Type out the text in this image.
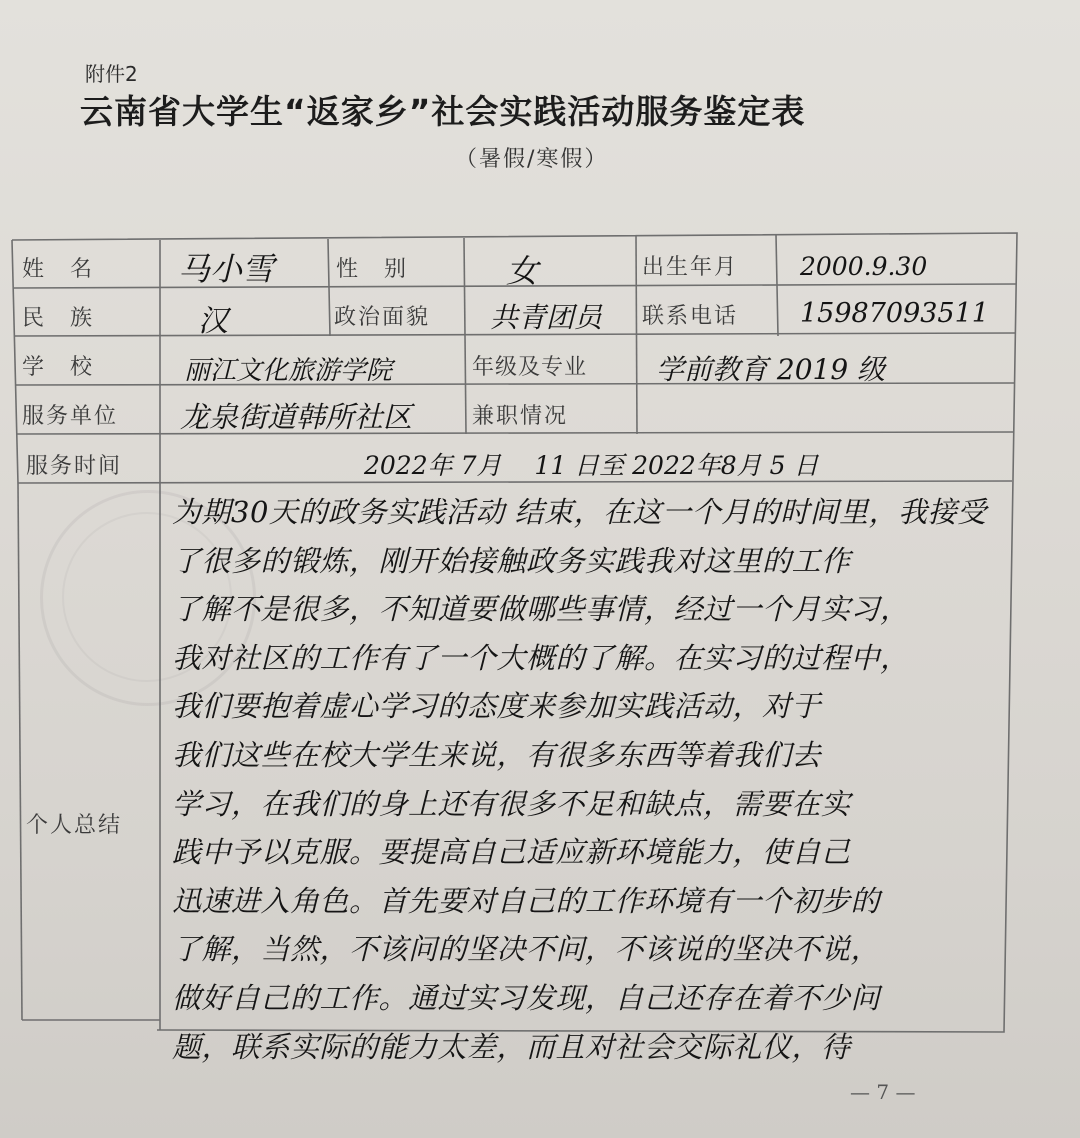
附件2
云南省大学生“返家乡”社会实践活动服务鉴定表
（暑假/寒假）
姓　名	马小雪	性　别	女	出生年月 2000.9.30
民　族	汉	政治面貌 共青团员 联系电话 15987093511
学　校	丽江文化旅游学院	年级及专业 学前教育 2019 级
服务单位 龙泉街道韩所社区	兼职情况
服务时间	2022年 7月　 11 日至 2022年8月 5 日
个人总结
为期30天的政务实践活动 结束，在这一个月的时间里，我接受
了很多的锻炼，刚开始接触政务实践我对这里的工作
了解不是很多，不知道要做哪些事情，经过一个月实习，
我对社区的工作有了一个大概的了解。在实习的过程中，
我们要抱着虚心学习的态度来参加实践活动，对于
我们这些在校大学生来说，有很多东西等着我们去
学习，在我们的身上还有很多不足和缺点，需要在实
践中予以克服。要提高自己适应新环境能力，使自己
迅速进入角色。首先要对自己的工作环境有一个初步的
了解，当然，不该问的坚决不问，不该说的坚决不说，
做好自己的工作。通过实习发现，自己还存在着不少问
题，联系实际的能力太差，而且对社会交际礼仪，待
— 7 —
